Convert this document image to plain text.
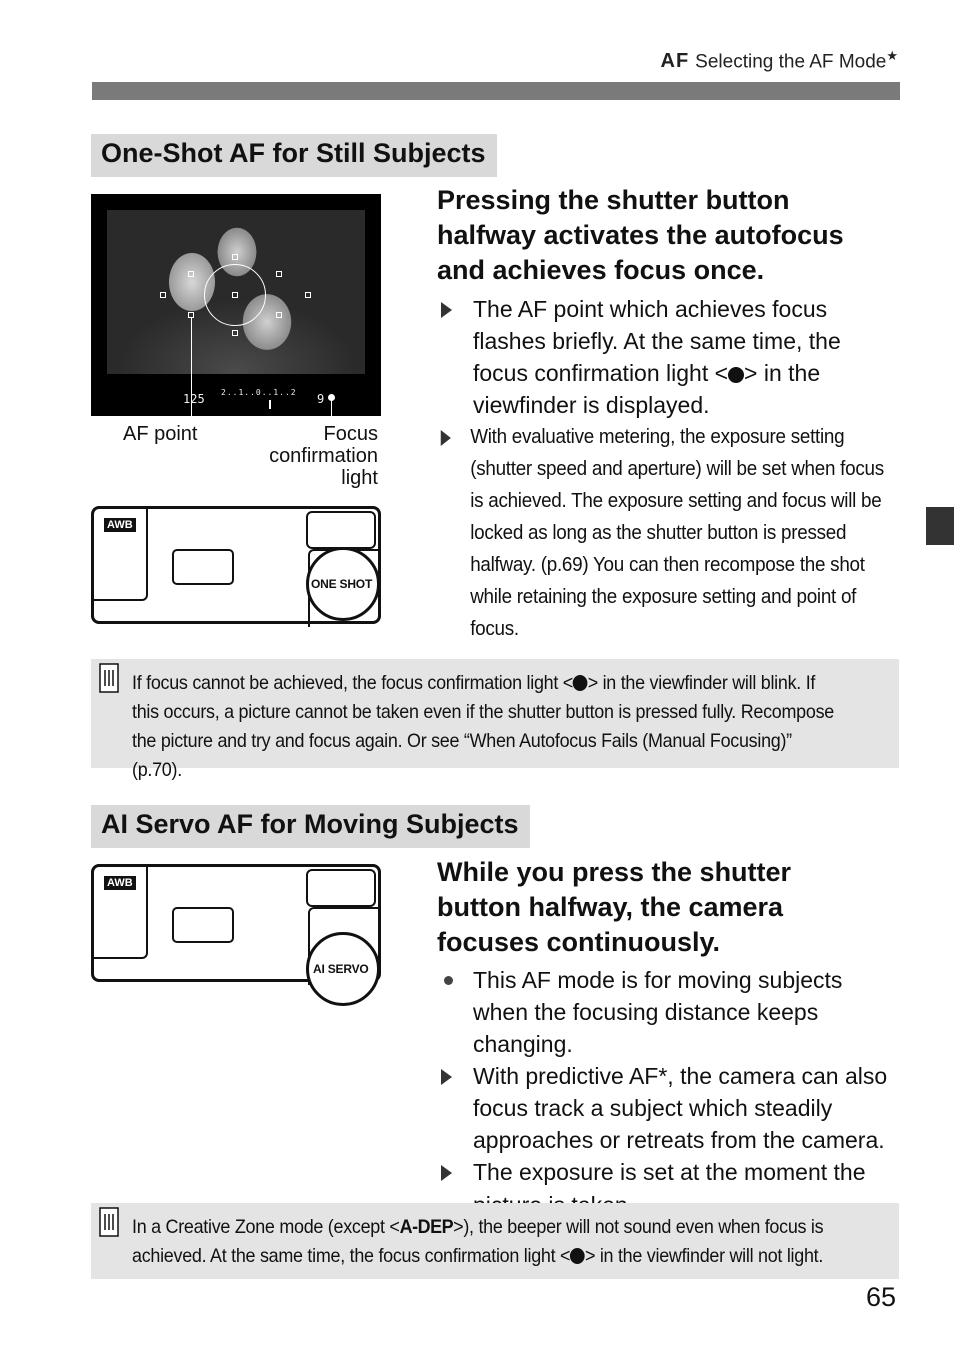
AF Selecting the AF Mode★
One-Shot AF for Still Subjects
125 2..1..0..1..2 9
AF point	Focus
confirmation
light
AWB
ONE SHOT
Pressing the shutter button
halfway activates the autofocus
and achieves focus once.
The AF point which achieves focus flashes briefly. At the same time, the focus confirmation light < > in the viewfinder is displayed.
With evaluative metering, the exposure setting (shutter speed and aperture) will be set when focus is achieved. The exposure setting and focus will be locked as long as the shutter button is pressed halfway. (p.69) You can then recompose the shot while retaining the exposure setting and point of focus.
If focus cannot be achieved, the focus confirmation light < > in the viewfinder will blink. If this occurs, a picture cannot be taken even if the shutter button is pressed fully. Recompose the picture and try and focus again. Or see “When Autofocus Fails (Manual Focusing)” (p.70).
AI Servo AF for Moving Subjects
AWB
AI SERVO
While you press the shutter
button halfway, the camera
focuses continuously.
This AF mode is for moving subjects when the focusing distance keeps changing.
With predictive AF*, the camera can also focus track a subject which steadily approaches or retreats from the camera.
The exposure is set at the moment the
In a Creative Zone mode (except <A-DEP>), the beeper will not sound even when focus is achieved. At the same time, the focus confirmation light < > in the viewfinder will not light.
65
